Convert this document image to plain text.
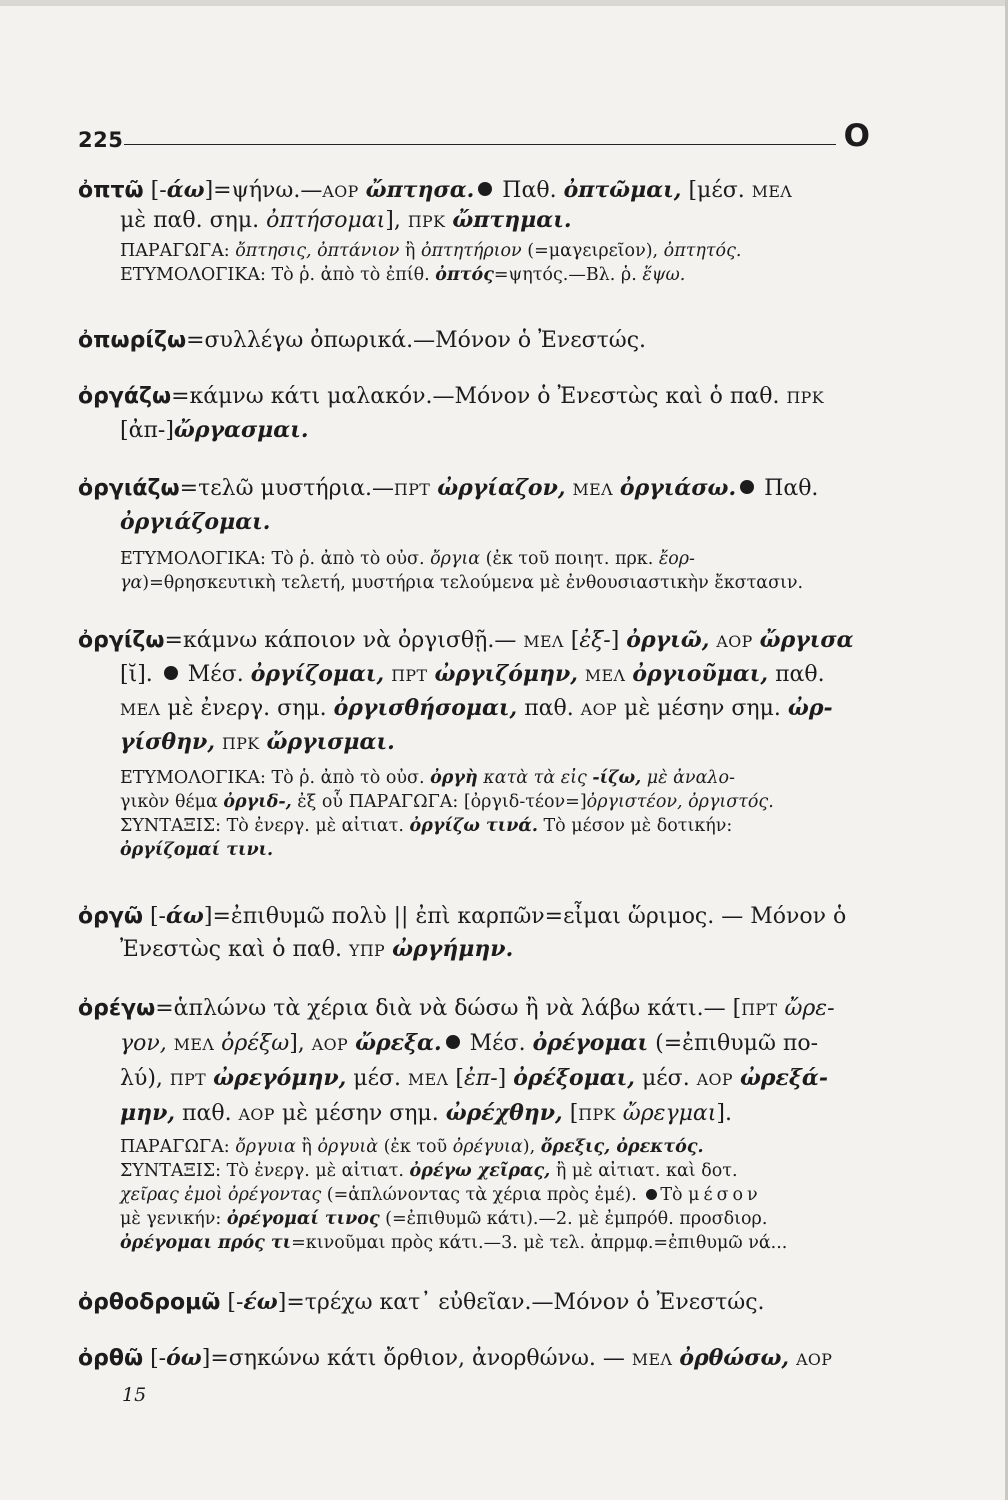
225	Ο
ὀπτῶ [-άω]=ψήνω.—ΑΟΡ ὤπτησα. Παθ. ὀπτῶμαι, [μέσ. ΜΕΛ
μὲ παθ. σημ. ὀπτήσομαι], ΠΡΚ ὤπτημαι.
ΠΑΡΑΓΩΓΑ: ὄπτησις, ὀπτάνιον ἢ ὀπτητήριον (=μαγειρεῖον), ὀπτητός.
ΕΤΥΜΟΛΟΓΙΚΑ: Τὸ ῥ. ἀπὸ τὸ ἐπίθ. ὀπτός=ψητός.—Βλ. ῥ. ἕψω.
ὀπωρίζω=συλλέγω ὀπωρικά.—Μόνον ὁ Ἐνεστώς.
ὀργάζω=κάμνω κάτι μαλακόν.—Μόνον ὁ Ἐνεστὼς καὶ ὁ παθ. ΠΡΚ
[ἀπ-]ὤργασμαι.
ὀργιάζω=τελῶ μυστήρια.—ΠΡΤ ὠργίαζον, ΜΕΛ ὀργιάσω. Παθ.
ὀργιάζομαι.
ΕΤΥΜΟΛΟΓΙΚΑ: Τὸ ῥ. ἀπὸ τὸ οὐσ. ὄργια (ἐκ τοῦ ποιητ. πρκ. ἔορ-
γα)=θρησκευτικὴ τελετή, μυστήρια τελούμενα μὲ ἐνθουσιαστικὴν ἔκστασιν.
ὀργίζω=κάμνω κάποιον νὰ ὀργισθῇ.— ΜΕΛ [ἐξ-] ὀργιῶ, ΑΟΡ ὤργισα
[ῐ].  Μέσ. ὀργίζομαι, ΠΡΤ ὠργιζόμην, ΜΕΛ ὀργιοῦμαι, παθ.
ΜΕΛ μὲ ἐνεργ. σημ. ὀργισθήσομαι, παθ. ΑΟΡ μὲ μέσην σημ. ὠρ-
γίσθην, ΠΡΚ ὤργισμαι.
ΕΤΥΜΟΛΟΓΙΚΑ: Τὸ ῥ. ἀπὸ τὸ οὐσ. ὀργὴ κατὰ τὰ εἰς -ίζω, μὲ ἀναλο-
γικὸν θέμα ὀργιδ-, ἐξ οὗ ΠΑΡΑΓΩΓΑ: [ὀργιδ-τέον=]ὀργιστέον, ὀργιστός.
ΣΥΝΤΑΞΙΣ: Τὸ ἐνεργ. μὲ αἰτιατ. ὀργίζω τινά. Τὸ μέσον μὲ δοτικήν:
ὀργίζομαί τινι.
ὀργῶ [-άω]=ἐπιθυμῶ πολὺ || ἐπὶ καρπῶν=εἶμαι ὥριμος. — Μόνον ὁ
Ἐνεστὼς καὶ ὁ παθ. ΥΠΡ ὠργήμην.
ὀρέγω=ἁπλώνω τὰ χέρια διὰ νὰ δώσω ἢ νὰ λάβω κάτι.— [ΠΡΤ ὤρε-
γον, ΜΕΛ ὀρέξω], ΑΟΡ ὤρεξα. Μέσ. ὀρέγομαι (=ἐπιθυμῶ πο-
λύ), ΠΡΤ ὠρεγόμην, μέσ. ΜΕΛ [ἐπ-] ὀρέξομαι, μέσ. ΑΟΡ ὠρεξά-
μην, παθ. ΑΟΡ μὲ μέσην σημ. ὠρέχθην, [ΠΡΚ ὤρεγμαι].
ΠΑΡΑΓΩΓΑ: ὄργυια ἢ ὀργυιὰ (ἐκ τοῦ ὀρέγυια), ὄρεξις, ὀρεκτός.
ΣΥΝΤΑΞΙΣ: Τὸ ἐνεργ. μὲ αἰτιατ. ὀρέγω χεῖρας, ἢ μὲ αἰτιατ. καὶ δοτ.
χεῖρας ἐμοὶ ὀρέγοντας (=ἁπλώνοντας τὰ χέρια πρὸς ἐμέ). Τὸ μέσον
μὲ γενικήν: ὀρέγομαί τινος (=ἐπιθυμῶ κάτι).—2. μὲ ἐμπρόθ. προσδιορ.
ὀρέγομαι πρός τι=κινοῦμαι πρὸς κάτι.—3. μὲ τελ. ἀπρμφ.=ἐπιθυμῶ νά...
ὀρθοδρομῶ [-έω]=τρέχω κατ᾿ εὐθεῖαν.—Μόνον ὁ Ἐνεστώς.
ὀρθῶ [-όω]=σηκώνω κάτι ὄρθιον, ἀνορθώνω. — ΜΕΛ ὀρθώσω, ΑΟΡ
15
